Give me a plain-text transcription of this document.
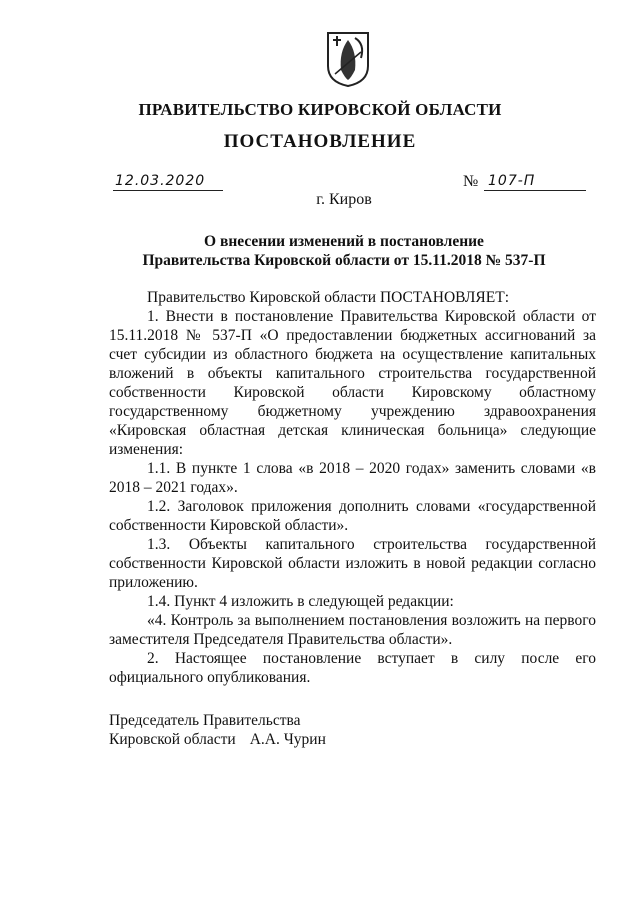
ПРАВИТЕЛЬСТВО КИРОВСКОЙ ОБЛАСТИ
ПОСТАНОВЛЕНИЕ
12.03.2020	№ 107-П
г. Киров
О внесении изменений в постановление
Правительства Кировской области от 15.11.2018 № 537-П

Правительство Кировской области ПОСТАНОВЛЯЕТ:

1. Внести в постановление Правительства Кировской области от 15.11.2018 № 537-П «О предоставлении бюджетных ассигнований за счет субсидии из областного бюджета на осуществление капитальных вложений в объекты капитального строительства государственной собственности Кировской области Кировскому областному государственному бюджетному учреждению здравоохранения «Кировская областная детская клиническая больница» следующие изменения:

1.1. В пункте 1 слова «в 2018 – 2020 годах» заменить словами «в 2018 – 2021 годах».

1.2. Заголовок приложения дополнить словами «государственной собственности Кировской области».

1.3. Объекты капитального строительства государственной собственности Кировской области изложить в новой редакции согласно приложению.

1.4. Пункт 4 изложить в следующей редакции:

«4. Контроль за выполнением постановления возложить на первого заместителя Председателя Правительства области».

2. Настоящее постановление вступает в силу после его официального опубликования.

Председатель Правительства
Кировской области А.А. Чурин
